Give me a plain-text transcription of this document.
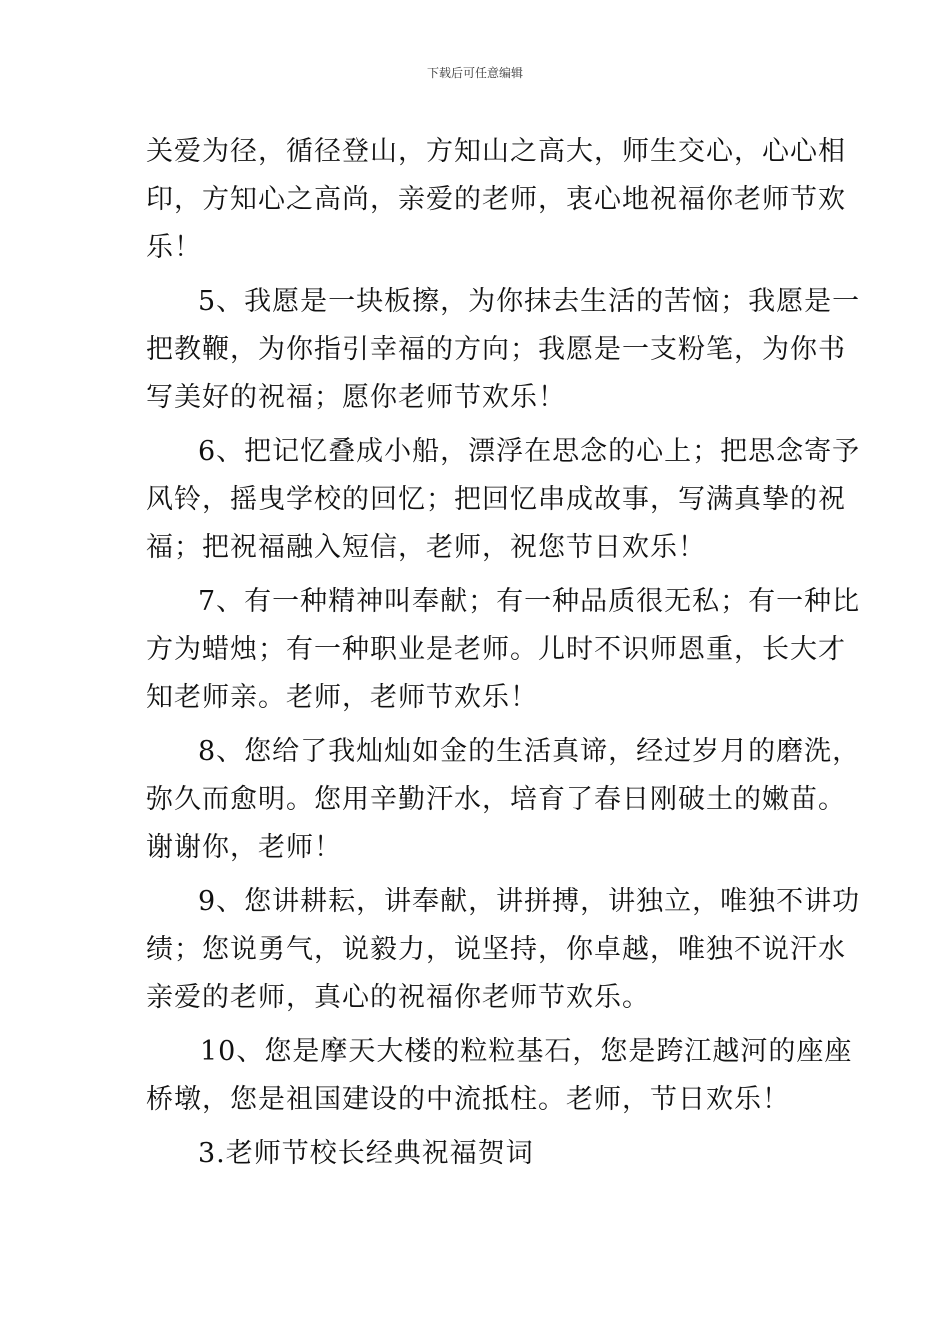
下载后可任意编辑
关爱为径，循径登山，方知山之高大，师生交心，心心相
印，方知心之高尚，亲爱的老师，衷心地祝福你老师节欢
乐！
5、我愿是一块板擦，为你抹去生活的苦恼；我愿是一
把教鞭，为你指引幸福的方向；我愿是一支粉笔，为你书
写美好的祝福；愿你老师节欢乐！
6、把记忆叠成小船，漂浮在思念的心上；把思念寄予
风铃，摇曳学校的回忆；把回忆串成故事，写满真挚的祝
福；把祝福融入短信，老师，祝您节日欢乐！
7、有一种精神叫奉献；有一种品质很无私；有一种比
方为蜡烛；有一种职业是老师。儿时不识师恩重，长大才
知老师亲。老师，老师节欢乐！
8、您给了我灿灿如金的生活真谛，经过岁月的磨洗，
弥久而愈明。您用辛勤汗水，培育了春日刚破土的嫩苗。
谢谢你，老师！
9、您讲耕耘，讲奉献，讲拼搏，讲独立，唯独不讲功
绩；您说勇气，说毅力，说坚持，你卓越，唯独不说汗水
亲爱的老师，真心的祝福你老师节欢乐。
10、您是摩天大楼的粒粒基石，您是跨江越河的座座
桥墩，您是祖国建设的中流抵柱。老师，节日欢乐！
3.老师节校长经典祝福贺词
